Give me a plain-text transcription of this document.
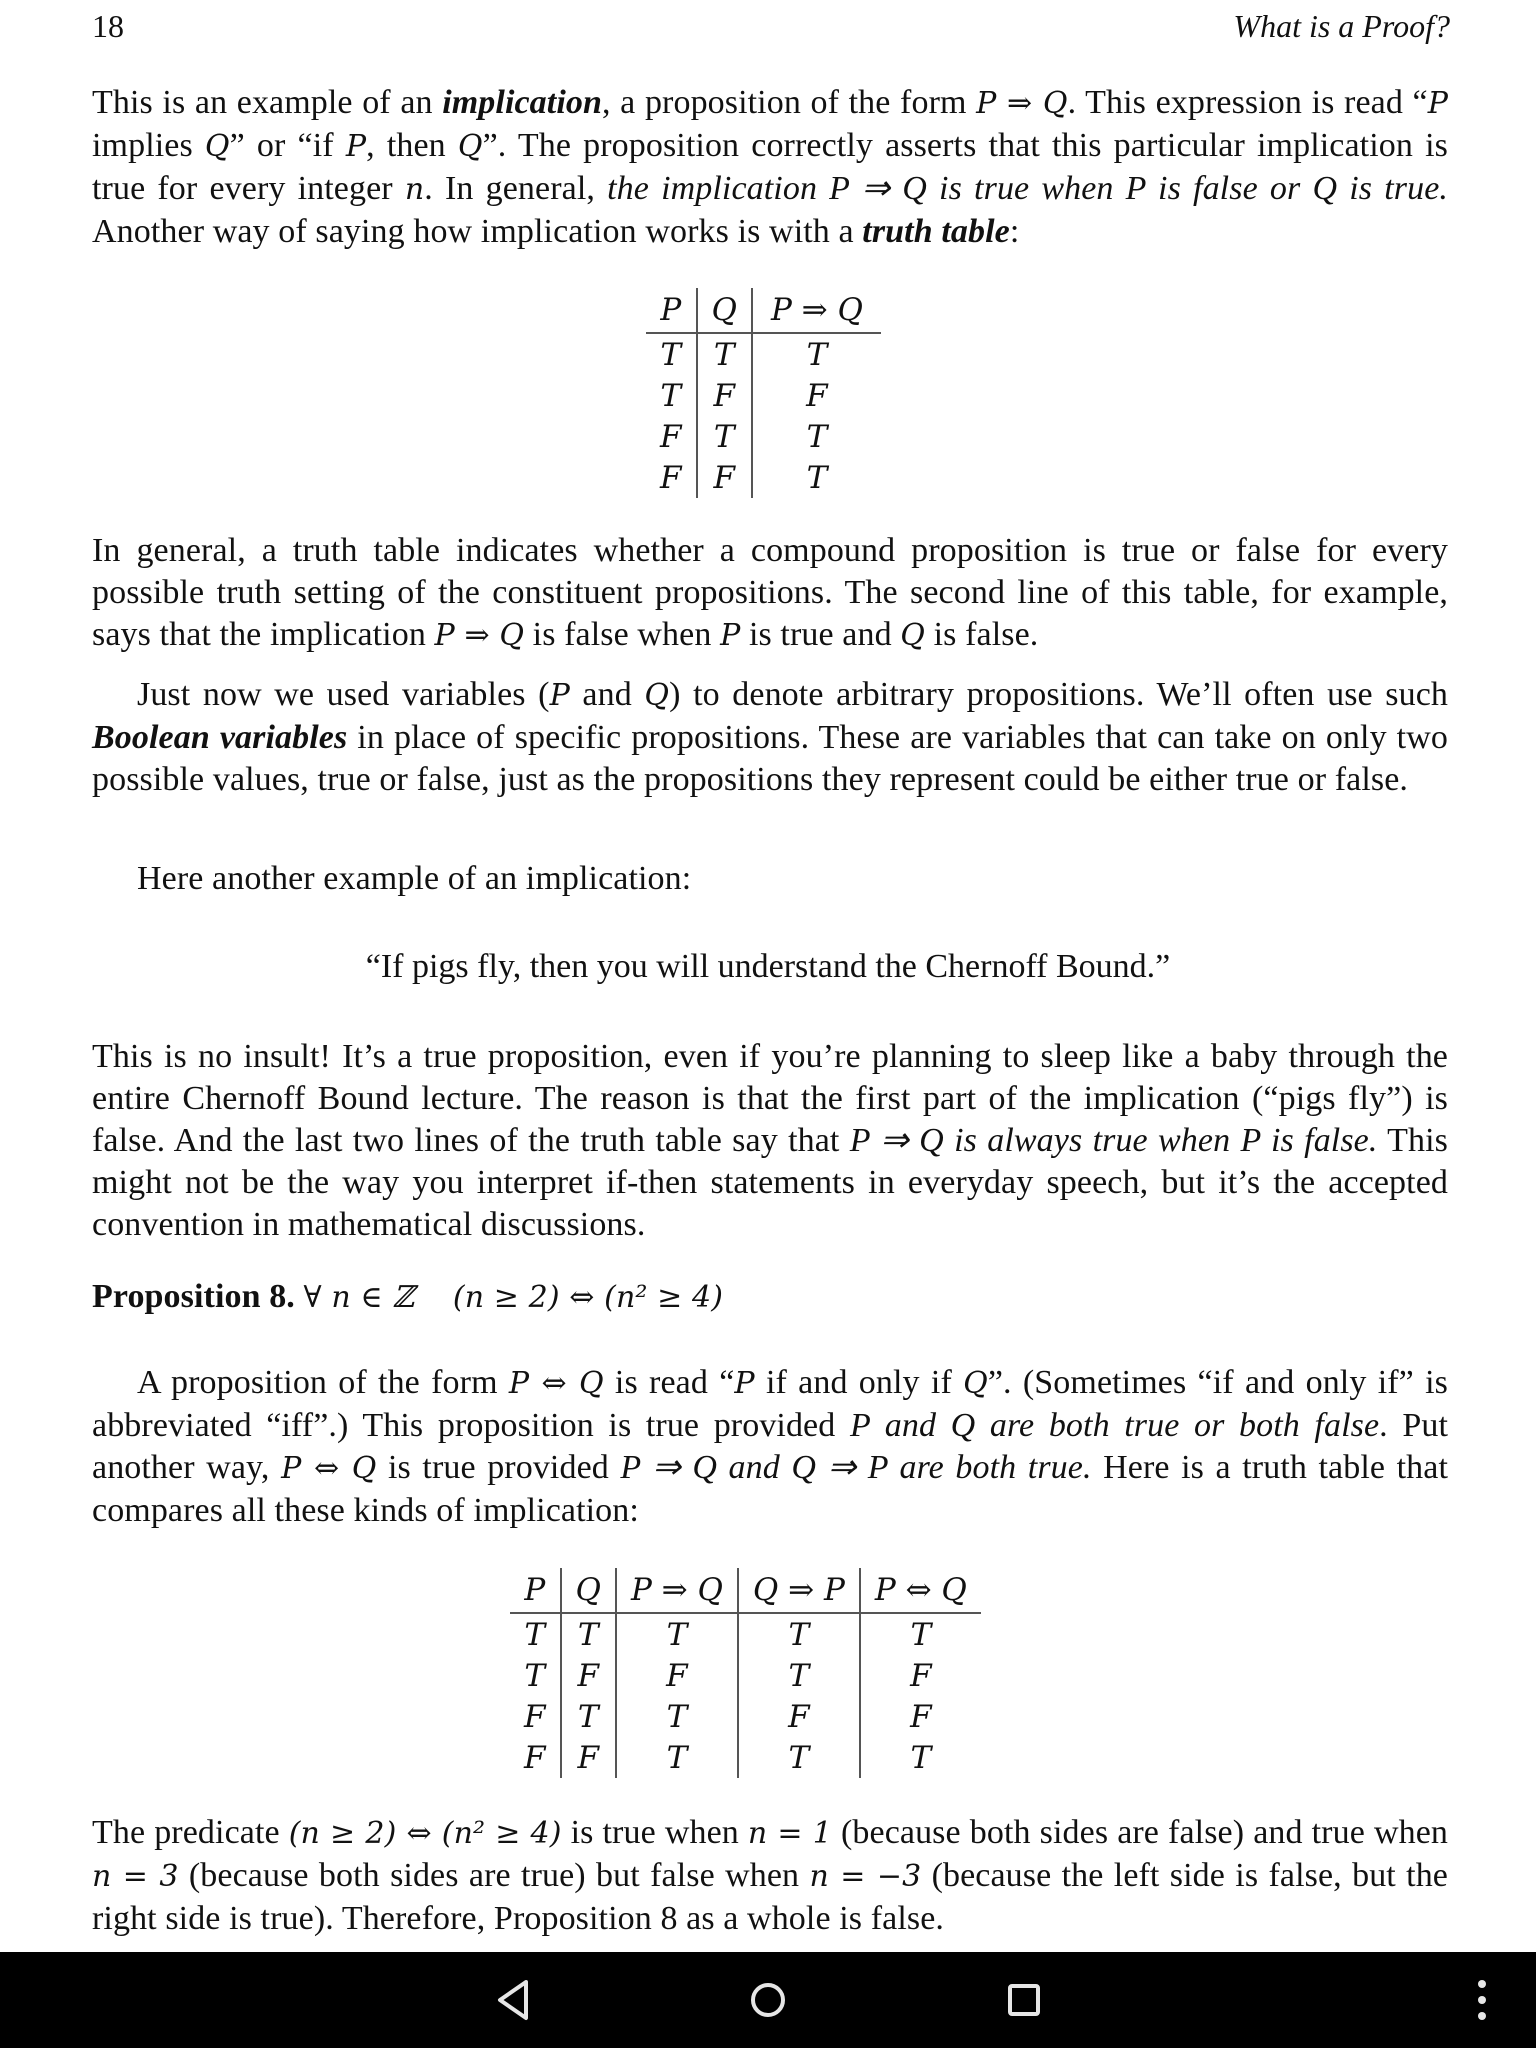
18	What is a Proof?
This is an example of an implication, a proposition of the form P ⇒ Q. This expression is read “P implies Q” or “if P, then Q”. The proposition correctly asserts that this particular implication is true for every integer n. In general, the implication P ⇒ Q is true when P is false or Q is true. Another way of saying how implication works is with a truth table:
P	Q	P ⇒ Q
T	T	T
T	F	F
F	T	T
F	F	T
In general, a truth table indicates whether a compound proposition is true or false for every possible truth setting of the constituent propositions. The second line of this table, for example, says that the implication P ⇒ Q is false when P is true and Q is false.
Just now we used variables (P and Q) to denote arbitrary propositions. We’ll often use such Boolean variables in place of specific propositions. These are variables that can take on only two possible values, true or false, just as the propositions they represent could be either true or false.
Here another example of an implication:
“If pigs fly, then you will understand the Chernoff Bound.”
This is no insult! It’s a true proposition, even if you’re planning to sleep like a baby through the entire Chernoff Bound lecture. The reason is that the first part of the implication (“pigs fly”) is false. And the last two lines of the truth table say that P ⇒ Q is always true when P is false. This might not be the way you interpret if-then statements in everyday speech, but it’s the accepted convention in mathematical discussions.
Proposition 8. ∀ n ∈ ℤ    (n ≥ 2) ⇔ (n² ≥ 4)
A proposition of the form P ⇔ Q is read “P if and only if Q”. (Sometimes “if and only if” is abbreviated “iff”.) This proposition is true provided P and Q are both true or both false. Put another way, P ⇔ Q is true provided P ⇒ Q and Q ⇒ P are both true. Here is a truth table that compares all these kinds of implication:
P	Q	P ⇒ Q	Q ⇒ P	P ⇔ Q
T	T	T	T	T
T	F	F	T	F
F	T	T	F	F
F	F	T	T	T
The predicate (n ≥ 2) ⇔ (n² ≥ 4) is true when n = 1 (because both sides are false) and true when n = 3 (because both sides are true) but false when n = −3 (because the left side is false, but the right side is true). Therefore, Proposition 8 as a whole is false.
